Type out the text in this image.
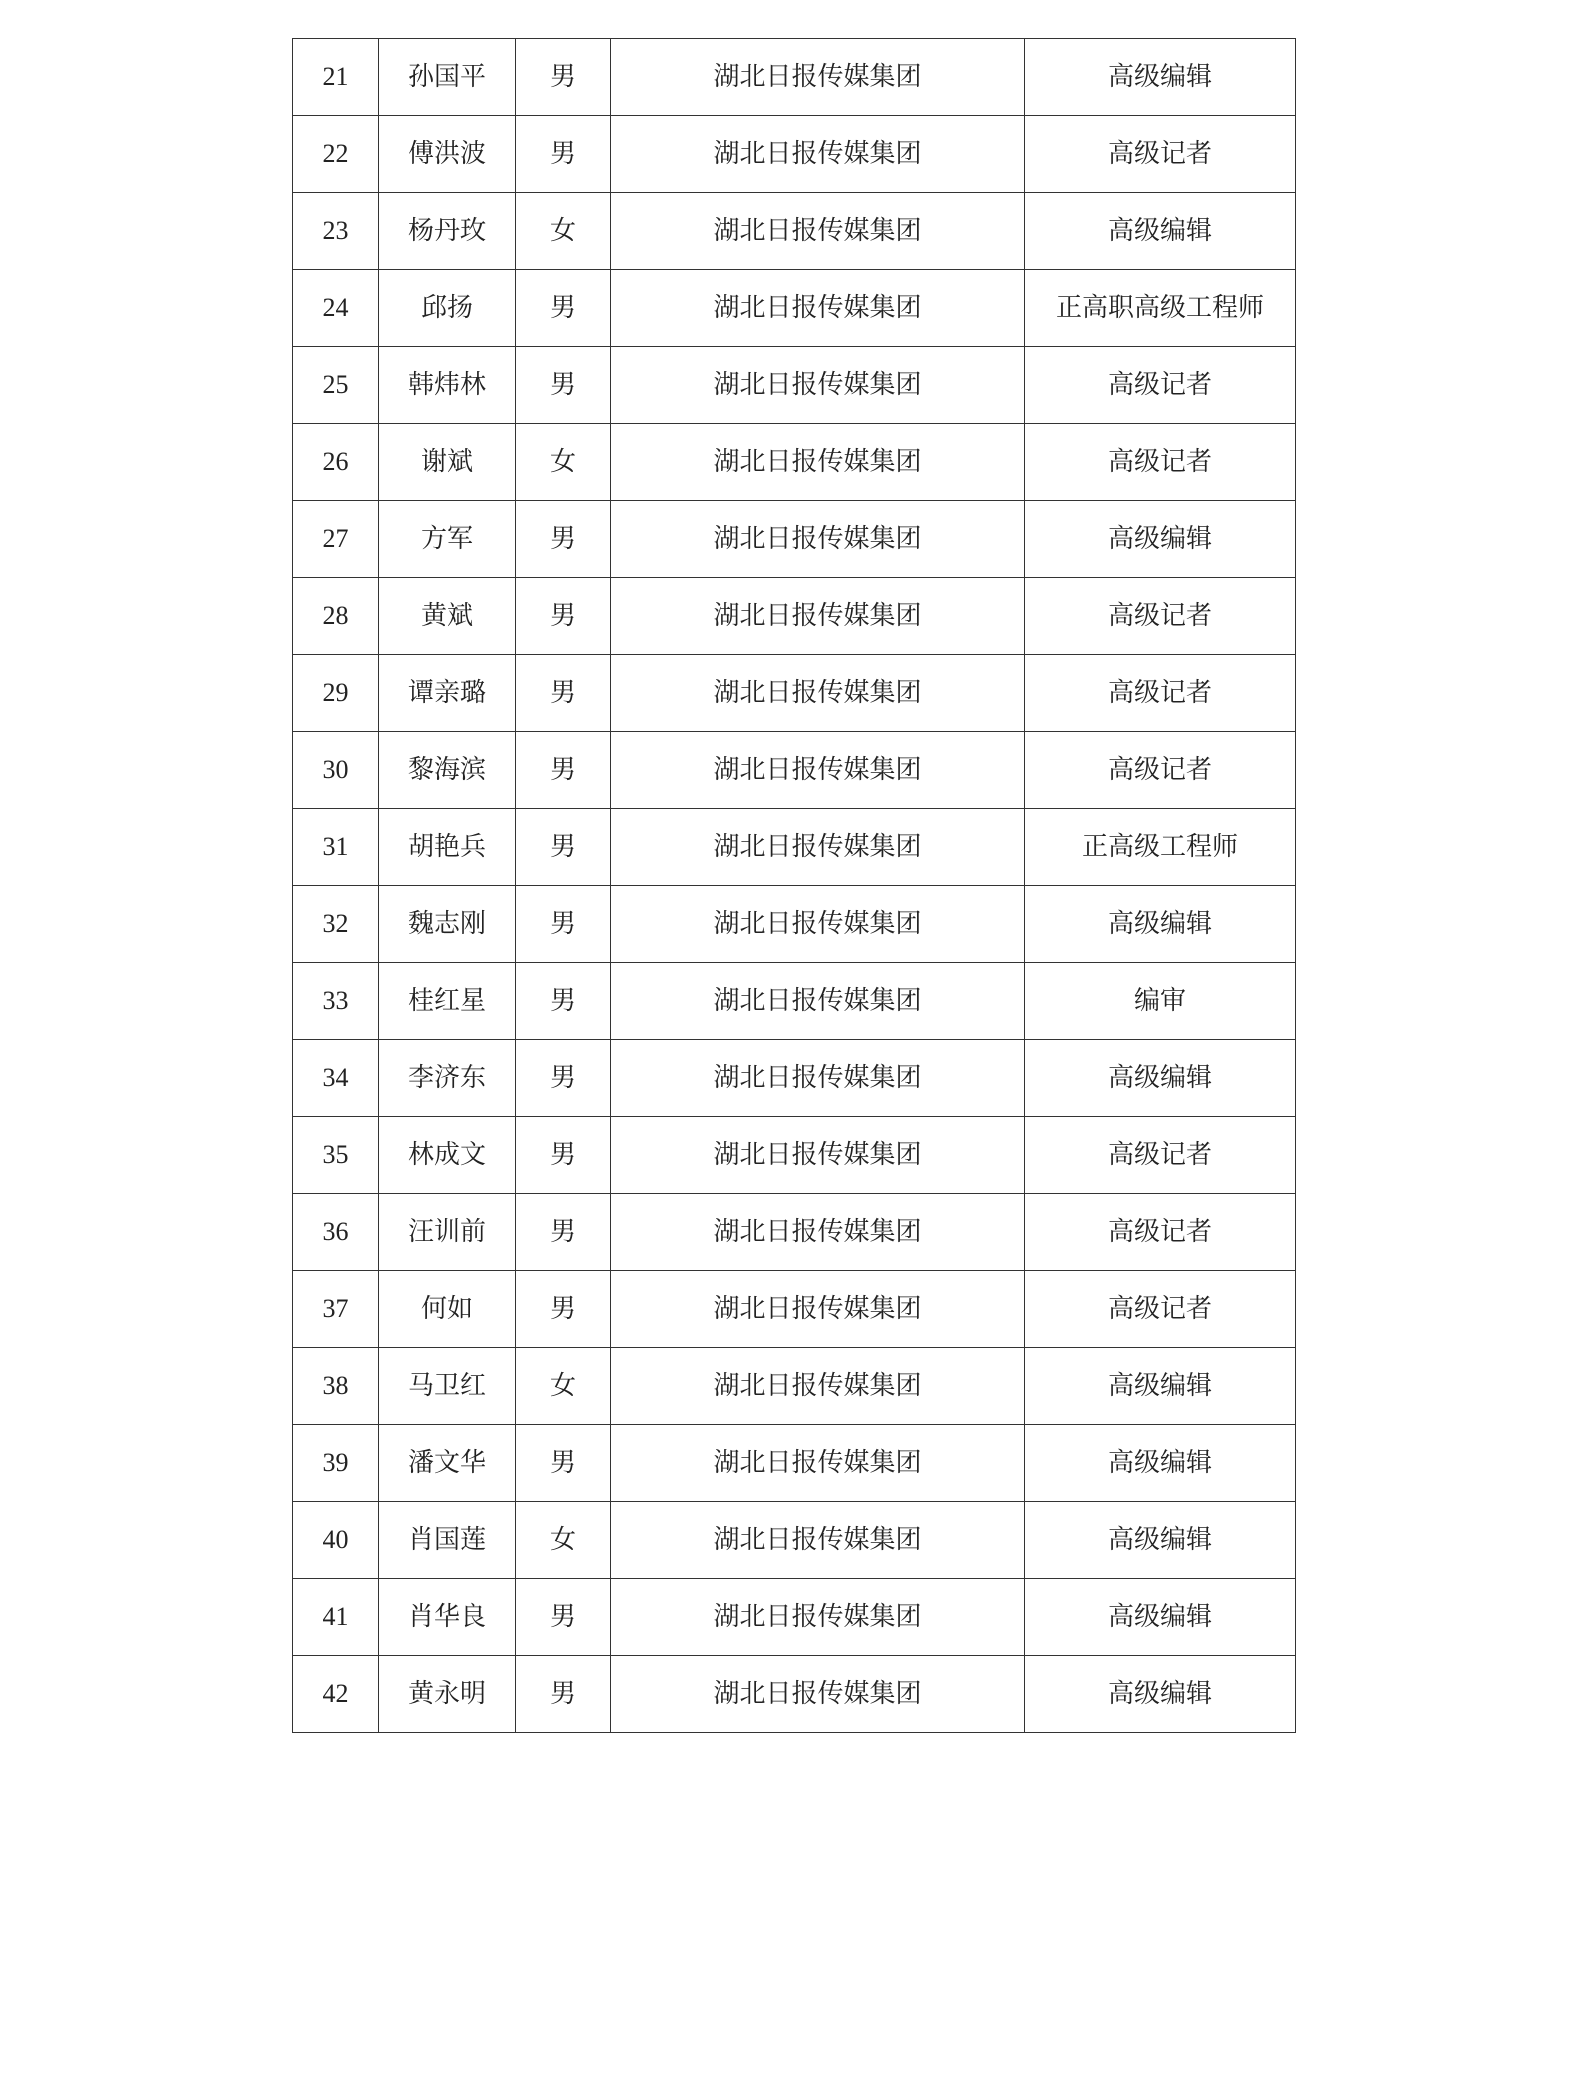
21	孙国平	男	湖北日报传媒集团	高级编辑
22	傅洪波	男	湖北日报传媒集团	高级记者
23	杨丹玫	女	湖北日报传媒集团	高级编辑
24	邱扬	男	湖北日报传媒集团	正高职高级工程师
25	韩炜林	男	湖北日报传媒集团	高级记者
26	谢斌	女	湖北日报传媒集团	高级记者
27	方军	男	湖北日报传媒集团	高级编辑
28	黄斌	男	湖北日报传媒集团	高级记者
29	谭亲璐	男	湖北日报传媒集团	高级记者
30	黎海滨	男	湖北日报传媒集团	高级记者
31	胡艳兵	男	湖北日报传媒集团	正高级工程师
32	魏志刚	男	湖北日报传媒集团	高级编辑
33	桂红星	男	湖北日报传媒集团	编审
34	李济东	男	湖北日报传媒集团	高级编辑
35	林成文	男	湖北日报传媒集团	高级记者
36	汪训前	男	湖北日报传媒集团	高级记者
37	何如	男	湖北日报传媒集团	高级记者
38	马卫红	女	湖北日报传媒集团	高级编辑
39	潘文华	男	湖北日报传媒集团	高级编辑
40	肖国莲	女	湖北日报传媒集团	高级编辑
41	肖华良	男	湖北日报传媒集团	高级编辑
42	黄永明	男	湖北日报传媒集团	高级编辑
